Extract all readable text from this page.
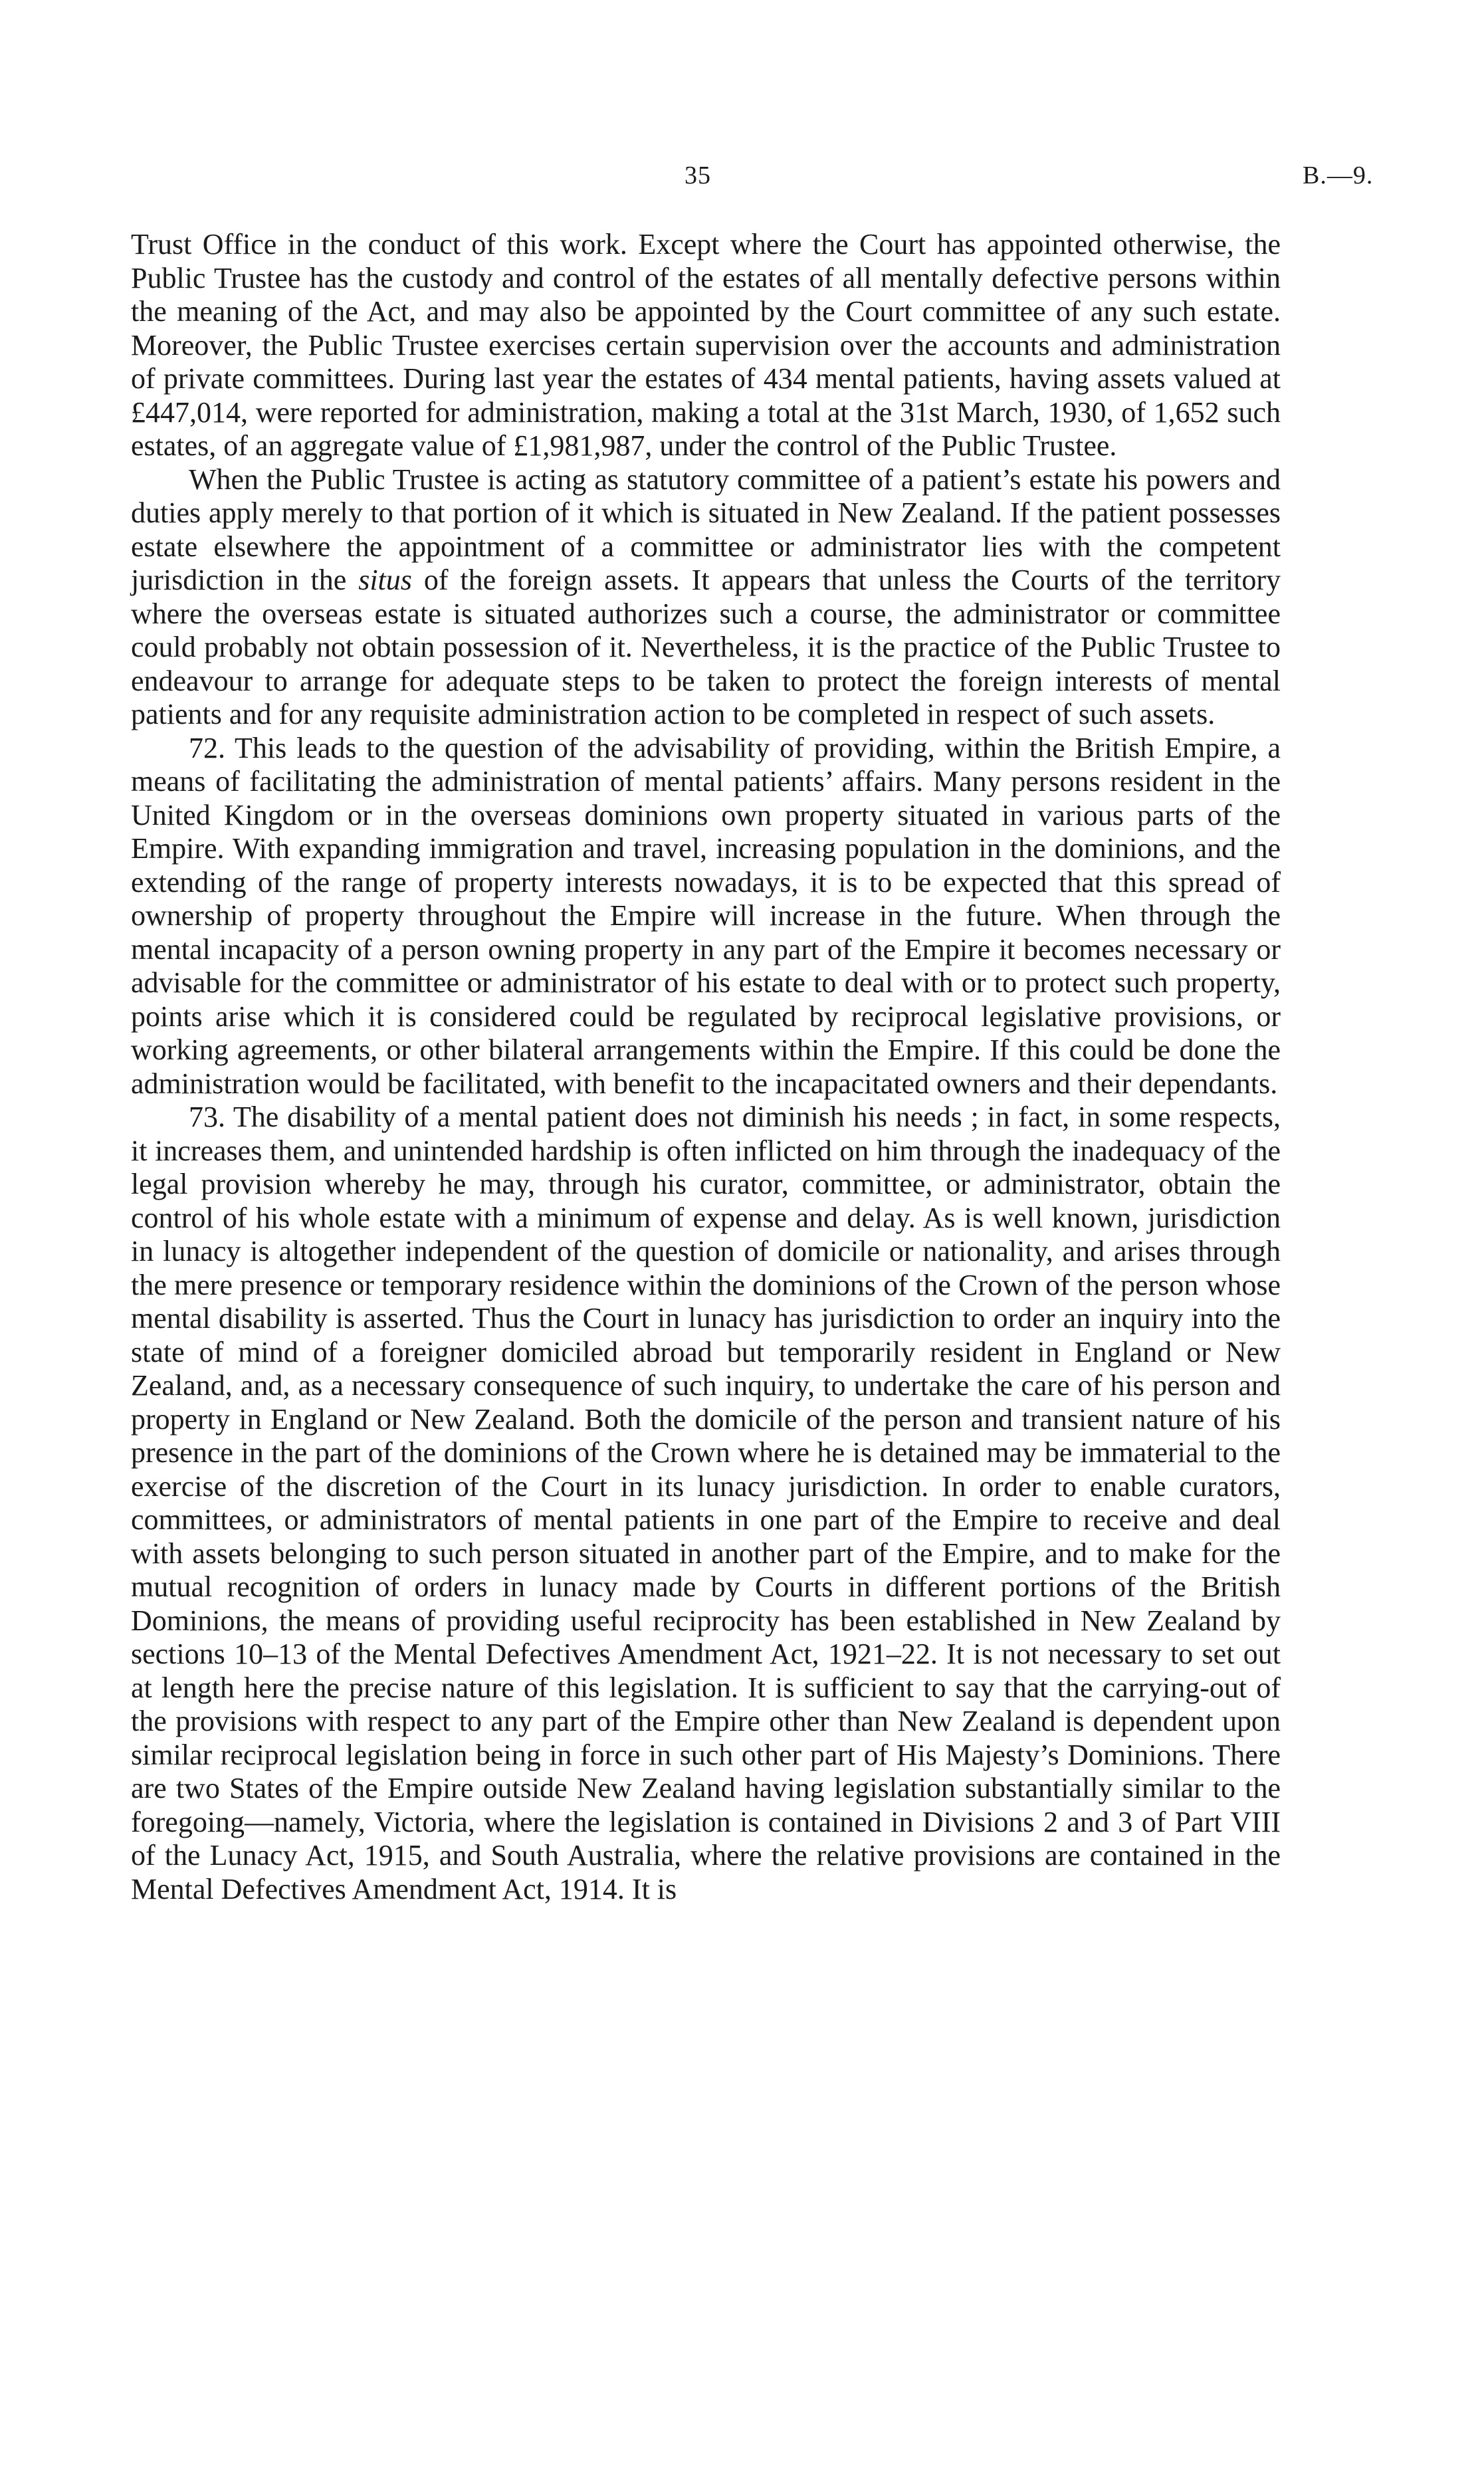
35	B.—9.

Trust Office in the conduct of this work. Except where the Court has appointed otherwise, the Public Trustee has the custody and control of the estates of all mentally defective persons within the meaning of the Act, and may also be appointed by the Court committee of any such estate. Moreover, the Public Trustee exercises certain supervision over the accounts and administration of private committees. During last year the estates of 434 mental patients, having assets valued at £447,014, were reported for administration, making a total at the 31st March, 1930, of 1,652 such estates, of an aggregate value of £1,981,987, under the control of the Public Trustee.

When the Public Trustee is acting as statutory committee of a patient’s estate his powers and duties apply merely to that portion of it which is situated in New Zealand. If the patient possesses estate elsewhere the appointment of a committee or administrator lies with the competent jurisdiction in the situs of the foreign assets. It appears that unless the Courts of the territory where the overseas estate is situated authorizes such a course, the administrator or committee could probably not obtain possession of it. Nevertheless, it is the practice of the Public Trustee to endeavour to arrange for adequate steps to be taken to protect the foreign interests of mental patients and for any requisite administration action to be completed in respect of such assets.

72. This leads to the question of the advisability of providing, within the British Empire, a means of facilitating the administration of mental patients’ affairs. Many persons resident in the United Kingdom or in the overseas dominions own property situated in various parts of the Empire. With expanding immigration and travel, increasing population in the dominions, and the extending of the range of property interests nowadays, it is to be expected that this spread of ownership of property throughout the Empire will increase in the future. When through the mental incapacity of a person owning property in any part of the Empire it becomes necessary or advisable for the committee or administrator of his estate to deal with or to protect such property, points arise which it is considered could be regulated by reciprocal legislative provisions, or working agreements, or other bilateral arrangements within the Empire. If this could be done the administration would be facilitated, with benefit to the incapacitated owners and their dependants.

73. The disability of a mental patient does not diminish his needs ; in fact, in some respects, it increases them, and unintended hardship is often inflicted on him through the inadequacy of the legal provision whereby he may, through his curator, committee, or administrator, obtain the control of his whole estate with a minimum of expense and delay. As is well known, jurisdiction in lunacy is altogether independent of the question of domicile or nationality, and arises through the mere presence or temporary residence within the dominions of the Crown of the person whose mental disability is asserted. Thus the Court in lunacy has jurisdiction to order an inquiry into the state of mind of a foreigner domiciled abroad but temporarily resident in England or New Zealand, and, as a necessary consequence of such inquiry, to undertake the care of his person and property in England or New Zealand. Both the domicile of the person and transient nature of his presence in the part of the dominions of the Crown where he is detained may be immaterial to the exercise of the discretion of the Court in its lunacy jurisdiction. In order to enable curators, committees, or administrators of mental patients in one part of the Empire to receive and deal with assets belonging to such person situated in another part of the Empire, and to make for the mutual recognition of orders in lunacy made by Courts in different portions of the British Dominions, the means of providing useful reciprocity has been established in New Zealand by sections 10–13 of the Mental Defectives Amendment Act, 1921–22. It is not necessary to set out at length here the precise nature of this legislation. It is sufficient to say that the carrying-out of the provisions with respect to any part of the Empire other than New Zealand is dependent upon similar reciprocal legislation being in force in such other part of His Majesty’s Dominions. There are two States of the Empire outside New Zealand having legislation substantially similar to the foregoing—namely, Victoria, where the legislation is contained in Divisions 2 and 3 of Part VIII of the Lunacy Act, 1915, and South Australia, where the relative provisions are contained in the Mental Defectives Amendment Act, 1914. It is
